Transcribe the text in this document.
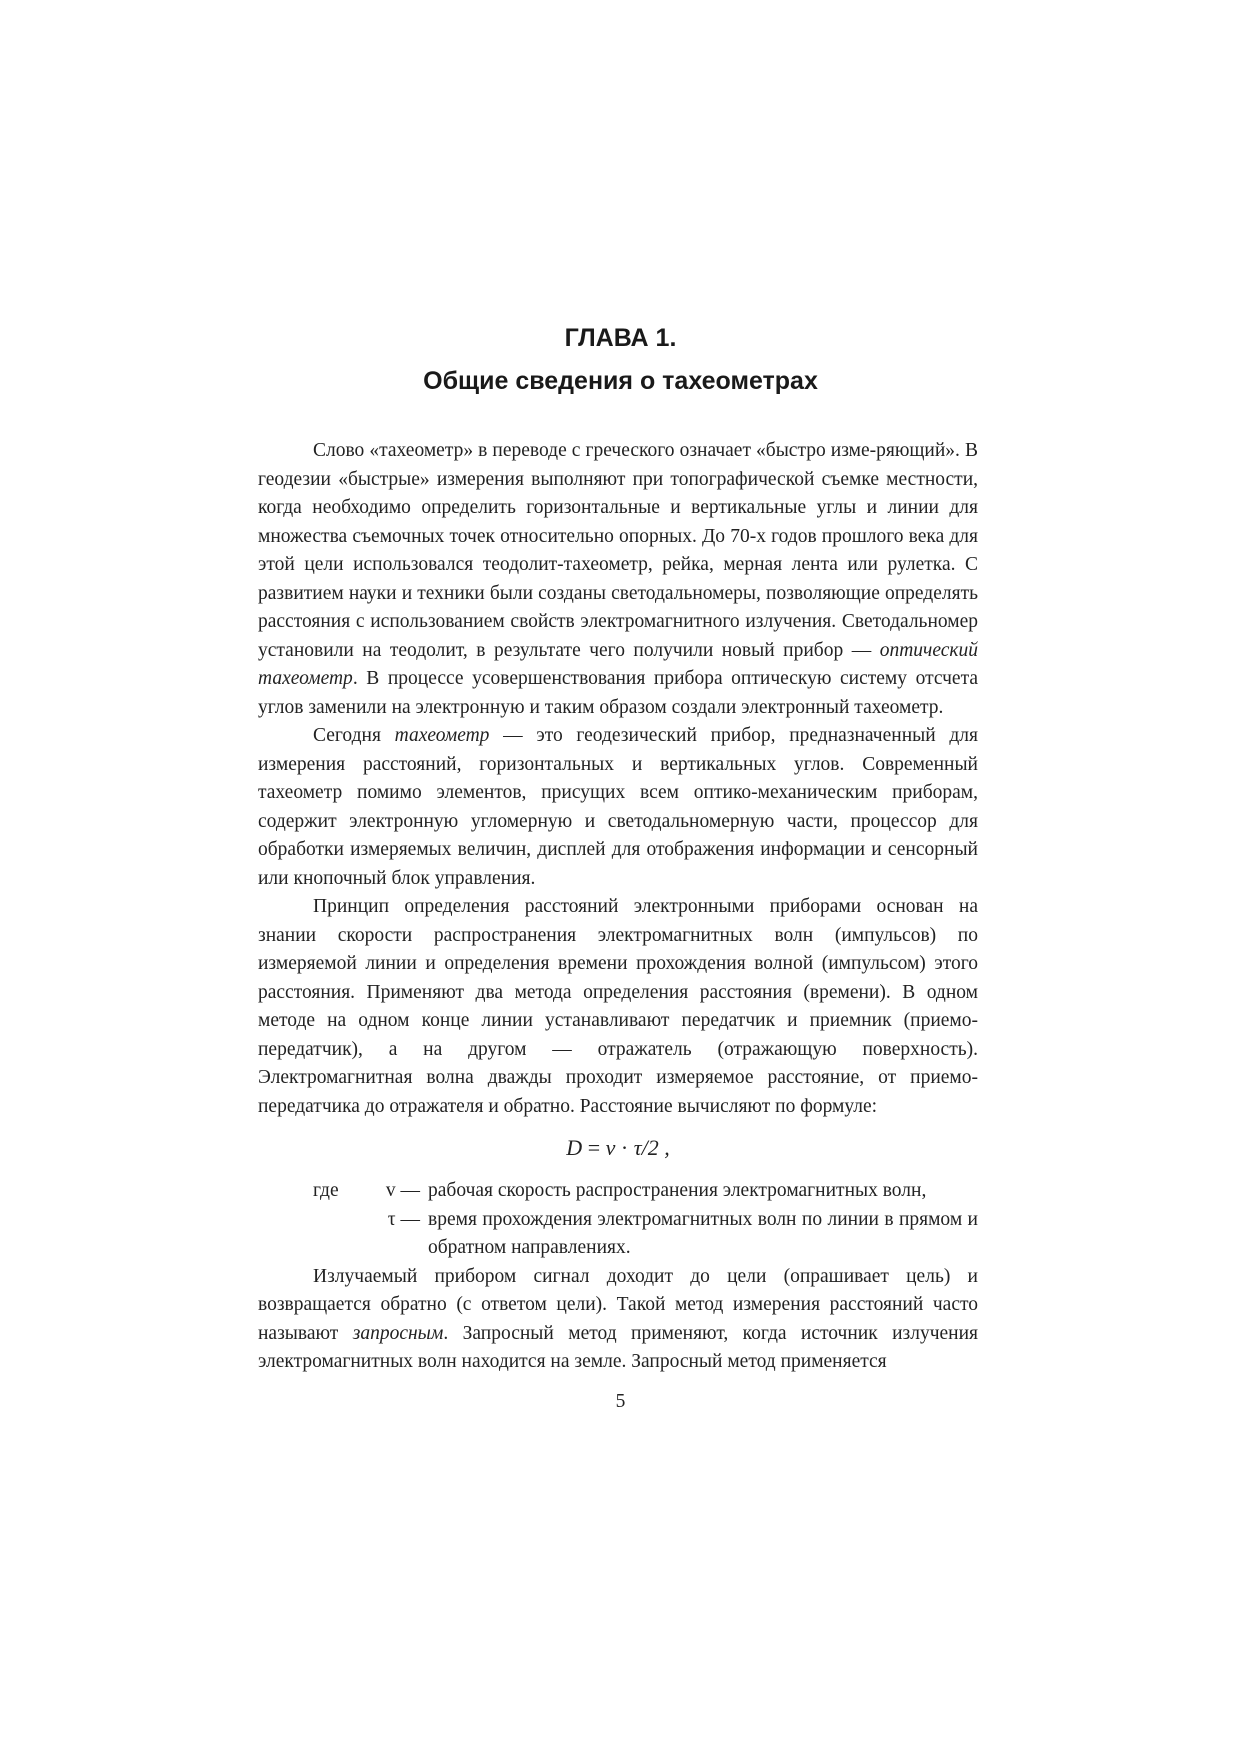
ГЛАВА 1.
Общие сведения о тахеометрах

Слово «тахеометр» в переводе с греческого означает «быстро изме-ряющий». В геодезии «быстрые» измерения выполняют при топографической съемке местности, когда необходимо определить горизонтальные и вертикальные углы и линии для множества съемочных точек относительно опорных. До 70-х годов прошлого века для этой цели использовался теодолит-тахеометр, рейка, мерная лента или рулетка. С развитием науки и техники были созданы светодальномеры, позволяющие определять расстояния с использованием свойств электромагнитного излучения. Светодальномер установили на теодолит, в результате чего получили новый прибор — оптический тахеометр. В процессе усовершенствования прибора оптическую систему отсчета углов заменили на электронную и таким образом создали электронный тахеометр.

Сегодня тахеометр — это геодезический прибор, предназначенный для измерения расстояний, горизонтальных и вертикальных углов. Современный тахеометр помимо элементов, присущих всем оптико-механическим приборам, содержит электронную угломерную и светодальномерную части, процессор для обработки измеряемых величин, дисплей для отображения информации и сенсорный или кнопочный блок управления.

Принцип определения расстояний электронными приборами основан на знании скорости распространения электромагнитных волн (импульсов) по измеряемой линии и определения времени прохождения волной (импульсом) этого расстояния. Применяют два метода определения расстояния (времени). В одном методе на одном конце линии устанавливают передатчик и приемник (приемо-передатчик), а на другом — отражатель (отражающую поверхность). Электромагнитная волна дважды проходит измеряемое расстояние, от приемо-передатчика до отражателя и обратно. Расстояние вычисляют по формуле:

D = v · τ/2 ,
где	v — рабочая скорость распространения электромагнитных волн,
τ — время прохождения электромагнитных волн по линии в прямом и обратном направлениях.

Излучаемый прибором сигнал доходит до цели (опрашивает цель) и возвращается обратно (с ответом цели). Такой метод измерения расстояний часто называют запросным. Запросный метод применяют, когда источник излучения электромагнитных волн находится на земле. Запросный метод применяется

5
